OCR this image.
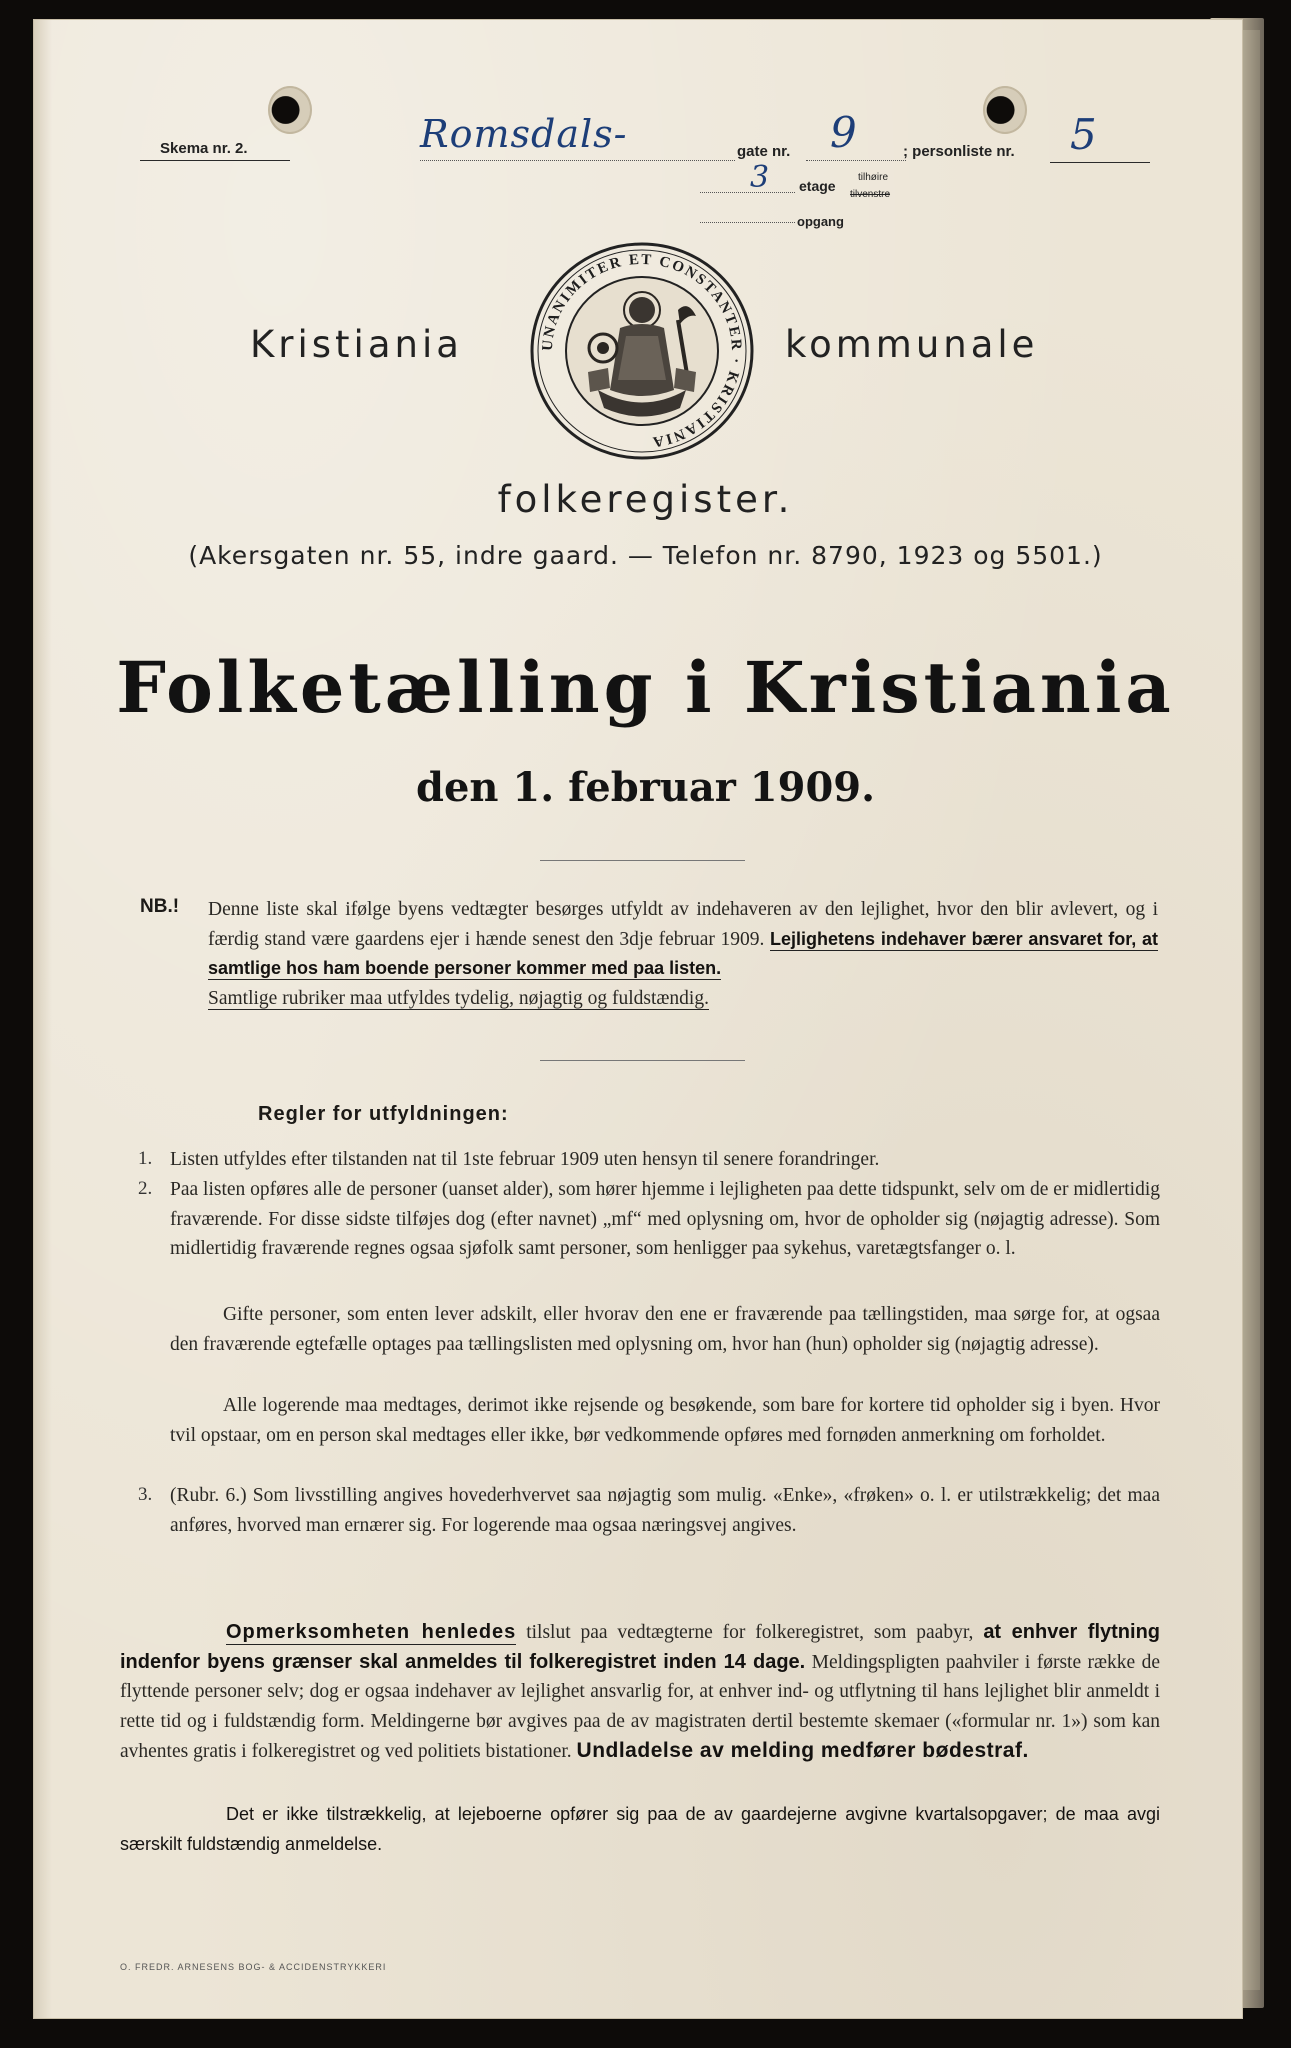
Skema nr. 2.	Romsdals-	gate nr. 9	; personliste nr. 5
3 etage
tilhøire
tilvenstre
opgang
Kristiania	kommunale
UNANIMITER ET CONSTANTER · KRISTIANIA
folkeregister.
(Akersgaten nr. 55, indre gaard. — Telefon nr. 8790, 1923 og 5501.)
Folketælling i Kristiania
den 1. februar 1909.
NB.! Denne liste skal ifølge byens vedtægter besørges utfyldt av indehaveren av den lejlighet, hvor den blir avlevert, og i færdig stand være gaardens ejer i hænde senest den 3dje februar 1909. Lejlighetens indehaver bærer ansvaret for, at samtlige hos ham boende personer kommer med paa listen.
Samtlige rubriker maa utfyldes tydelig, nøjagtig og fuldstændig.
Regler for utfyldningen:
1. Listen utfyldes efter tilstanden nat til 1ste februar 1909 uten hensyn til senere forandringer.
2. Paa listen opføres alle de personer (uanset alder), som hører hjemme i lejligheten paa dette tidspunkt, selv om de er midlertidig fraværende. For disse sidste tilføjes dog (efter navnet) „mf“ med oplysning om, hvor de opholder sig (nøjagtig adresse). Som midlertidig fraværende regnes ogsaa sjøfolk samt personer, som henligger paa sykehus, varetægtsfanger o. l.
Gifte personer, som enten lever adskilt, eller hvorav den ene er fraværende paa tællingstiden, maa sørge for, at ogsaa den fraværende egtefælle optages paa tællingslisten med oplysning om, hvor han (hun) opholder sig (nøjagtig adresse).
Alle logerende maa medtages, derimot ikke rejsende og besøkende, som bare for kortere tid opholder sig i byen. Hvor tvil opstaar, om en person skal medtages eller ikke, bør vedkommende opføres med fornøden anmerkning om forholdet.
3. (Rubr. 6.) Som livsstilling angives hovederhvervet saa nøjagtig som mulig. «Enke», «frøken» o. l. er utilstrækkelig; det maa anføres, hvorved man ernærer sig. For logerende maa ogsaa næringsvej angives.
Opmerksomheten henledes tilslut paa vedtægterne for folkeregistret, som paabyr, at enhver flytning indenfor byens grænser skal anmeldes til folkeregistret inden 14 dage. Meldingspligten paahviler i første række de flyttende personer selv; dog er ogsaa indehaver av lejlighet ansvarlig for, at enhver ind- og utflytning til hans lejlighet blir anmeldt i rette tid og i fuldstændig form. Meldingerne bør avgives paa de av magistraten dertil bestemte skemaer («formular nr. 1») som kan avhentes gratis i folkeregistret og ved politiets bistationer. Undladelse av melding medfører bødestraf.
Det er ikke tilstrækkelig, at lejeboerne opfører sig paa de av gaardejerne avgivne kvartalsopgaver; de maa avgi særskilt fuldstændig anmeldelse.
O. FREDR. ARNESENS BOG- & ACCIDENSTRYKKERI
